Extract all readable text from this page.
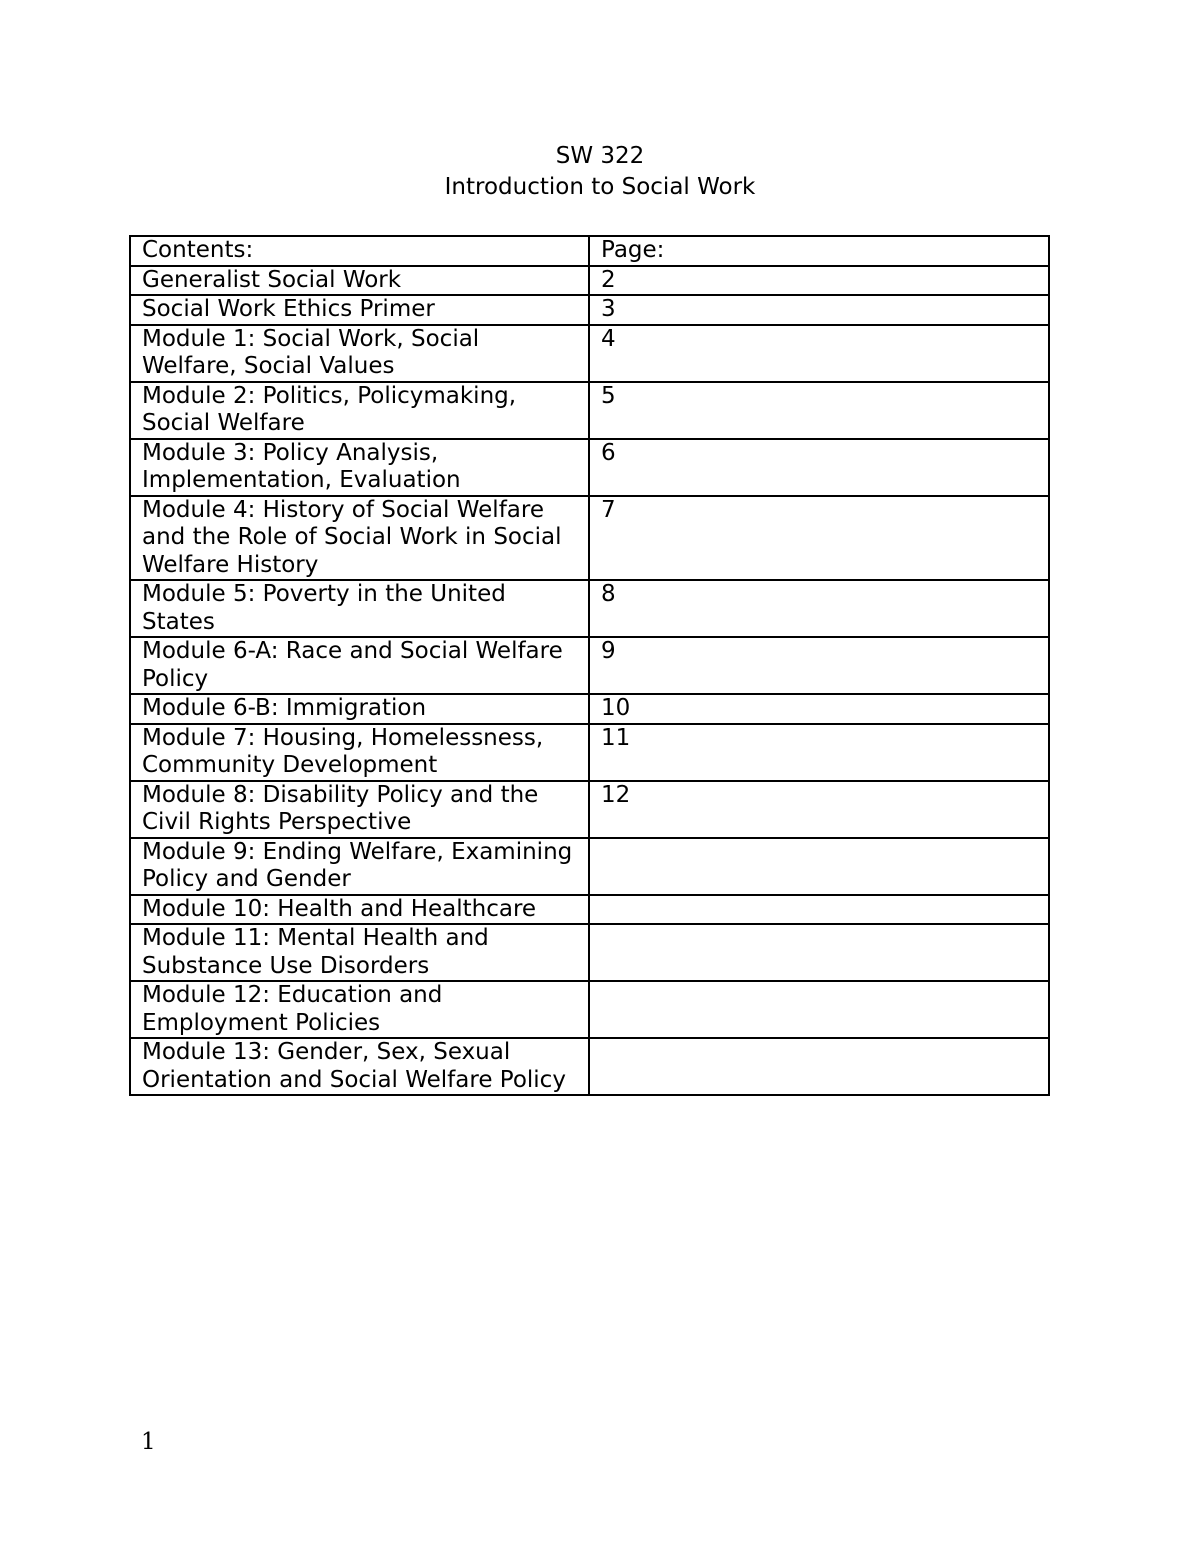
SW 322
Introduction to Social Work
Contents:	Page:
Generalist Social Work	2
Social Work Ethics Primer	3
Module 1: Social Work, Social Welfare, Social Values	4
Module 2: Politics, Policymaking, Social Welfare	5
Module 3: Policy Analysis, Implementation, Evaluation	6
Module 4: History of Social Welfare and the Role of Social Work in Social Welfare History	7
Module 5: Poverty in the United States	8
Module 6-A: Race and Social Welfare Policy	9
Module 6-B: Immigration	10
Module 7: Housing, Homelessness, Community Development	11
Module 8: Disability Policy and the Civil Rights Perspective	12
Module 9: Ending Welfare, Examining Policy and Gender	
Module 10: Health and Healthcare	
Module 11: Mental Health and Substance Use Disorders	
Module 12: Education and Employment Policies	
Module 13: Gender, Sex, Sexual Orientation and Social Welfare Policy	
1
